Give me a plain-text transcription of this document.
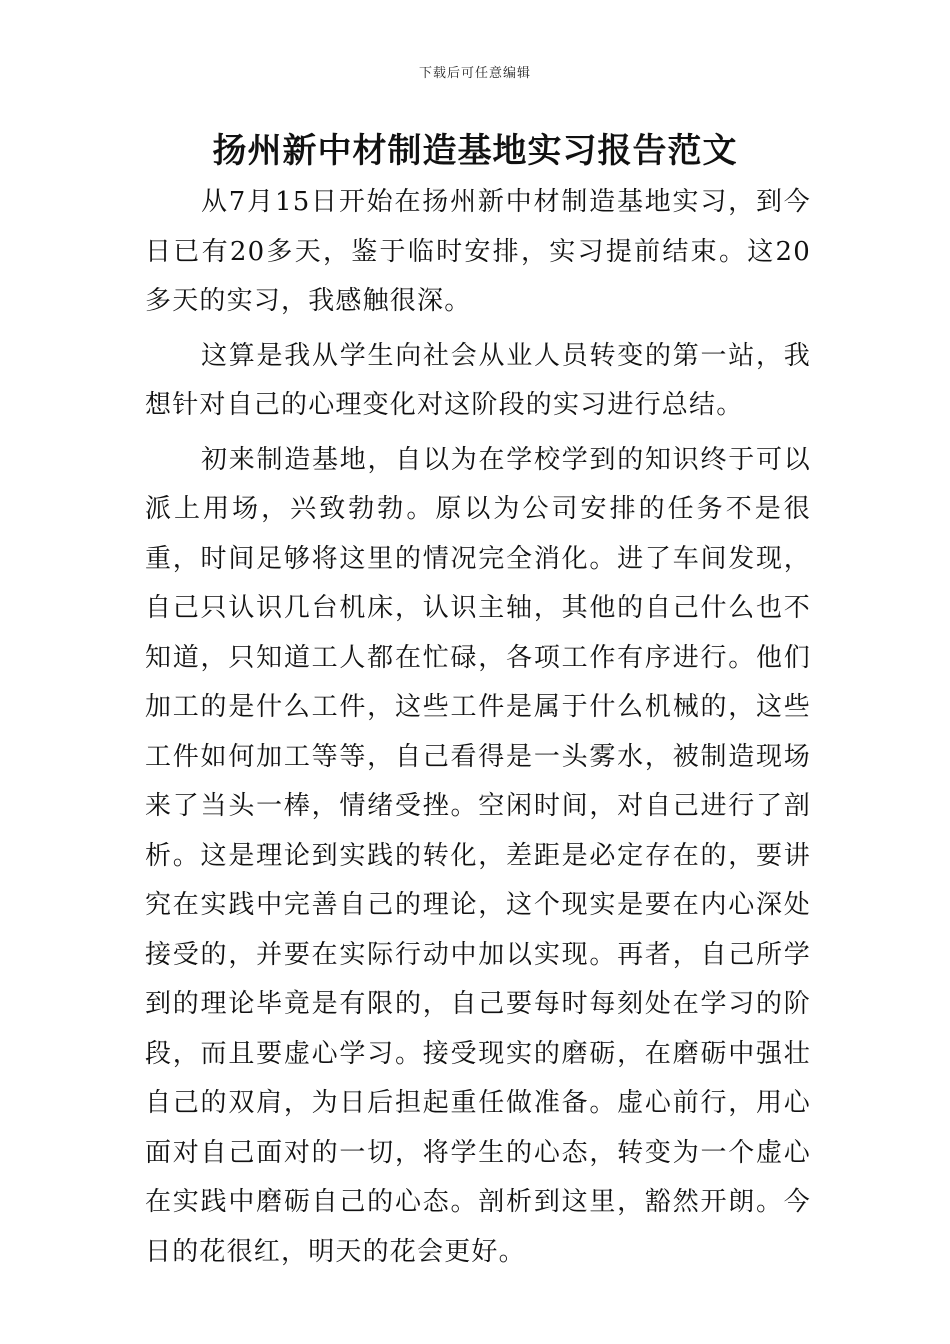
下载后可任意编辑
扬州新中材制造基地实习报告范文

从7月15日开始在扬州新中材制造基地实习，到今日已有20多天，鉴于临时安排，实习提前结束。这20多天的实习，我感触很深。

这算是我从学生向社会从业人员转变的第一站，我想针对自己的心理变化对这阶段的实习进行总结。

初来制造基地，自以为在学校学到的知识终于可以派上用场，兴致勃勃。原以为公司安排的任务不是很重，时间足够将这里的情况完全消化。进了车间发现，自己只认识几台机床，认识主轴，其他的自己什么也不知道，只知道工人都在忙碌，各项工作有序进行。他们加工的是什么工件，这些工件是属于什么机械的，这些工件如何加工等等，自己看得是一头雾水，被制造现场来了当头一棒，情绪受挫。空闲时间，对自己进行了剖析。这是理论到实践的转化，差距是必定存在的，要讲究在实践中完善自己的理论，这个现实是要在内心深处接受的，并要在实际行动中加以实现。再者，自己所学到的理论毕竟是有限的，自己要每时每刻处在学习的阶段，而且要虚心学习。接受现实的磨砺，在磨砺中强壮自己的双肩，为日后担起重任做准备。虚心前行，用心面对自己面对的一切，将学生的心态，转变为一个虚心在实践中磨砺自己的心态。剖析到这里，豁然开朗。今日的花很红，明天的花会更好。
